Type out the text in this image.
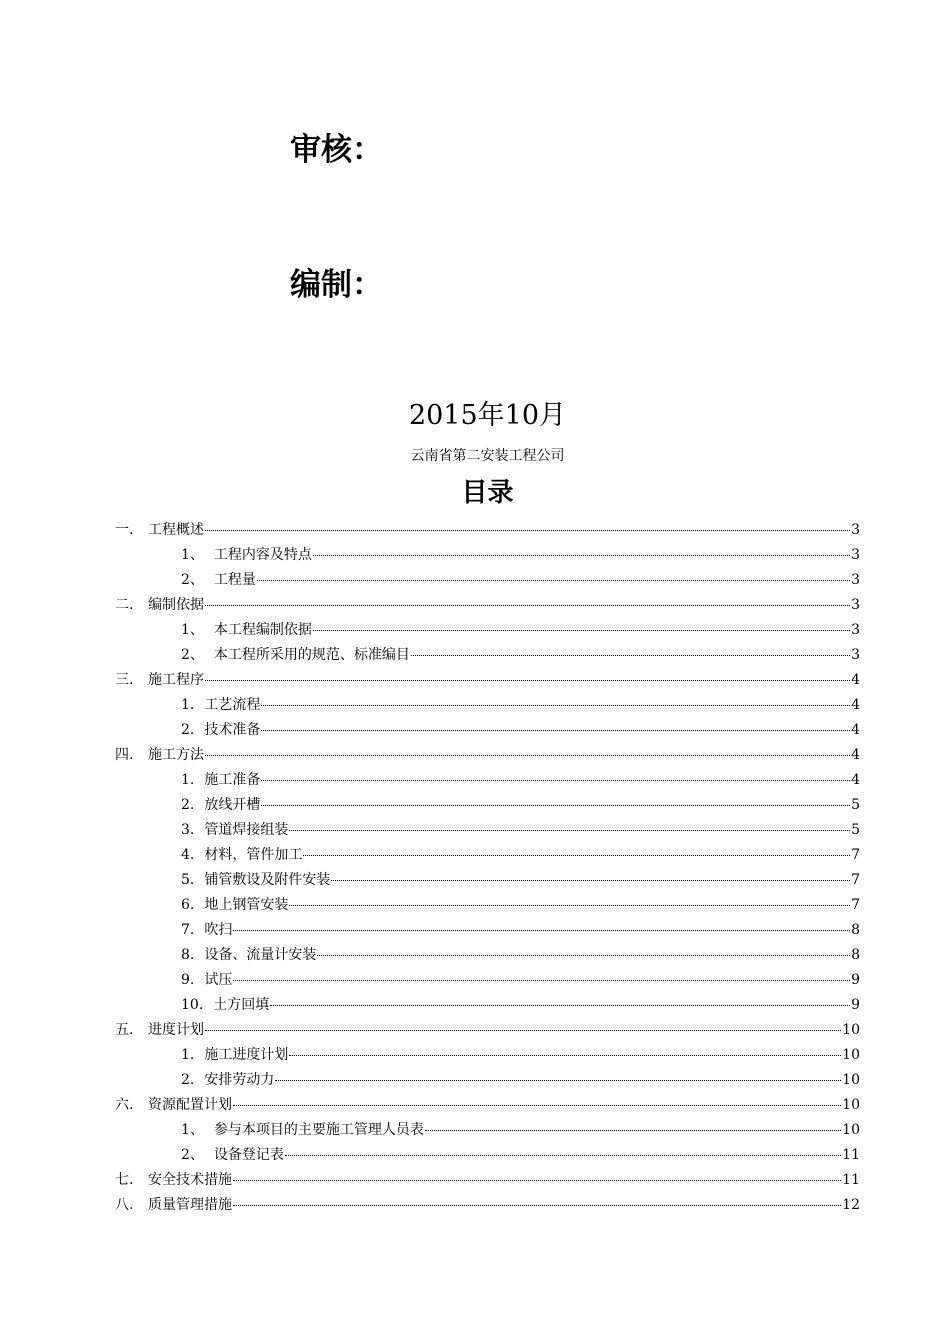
审核：
编制：
2015年10月
云南省第二安装工程公司
目录
一.	工程概述	3
1、 工程内容及特点	3
2、 工程量	3
二.	编制依据	3
1、 本工程编制依据	3
2、 本工程所采用的规范、标准编目	3
三.	施工程序	4
1. 工艺流程	4
2. 技术准备	4
四.	施工方法	4
1. 施工准备	4
2. 放线开槽	5
3. 管道焊接组装	5
4. 材料，管件加工	7
5. 铺管敷设及附件安装	7
6. 地上钢管安装	7
7. 吹扫	8
8. 设备、流量计安装	8
9. 试压	9
10. 土方回填	9
五.	进度计划	10
1. 施工进度计划	10
2. 安排劳动力	10
六.	资源配置计划	10
1、 参与本项目的主要施工管理人员表	10
2、 设备登记表	11
七.	安全技术措施	11
八.	质量管理措施	12
